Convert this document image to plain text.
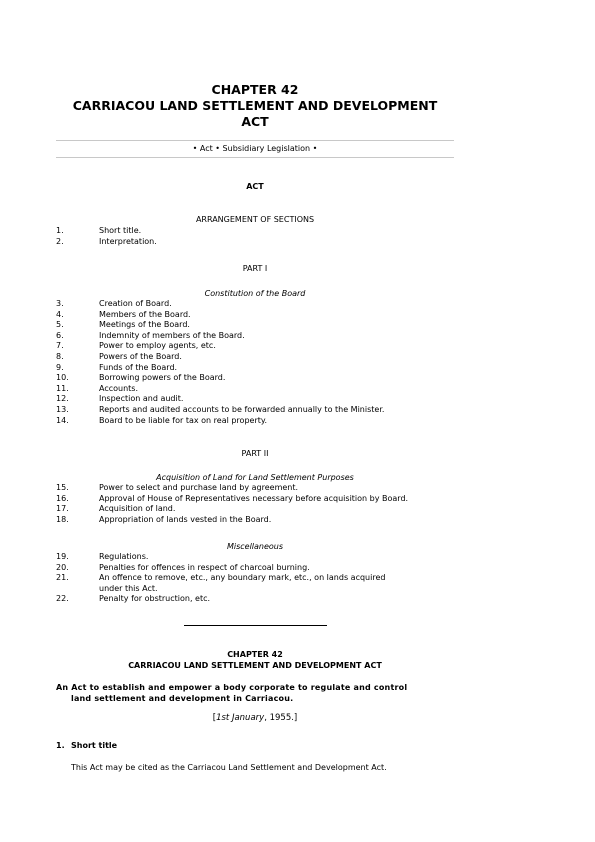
CHAPTER 42
CARRIACOU LAND SETTLEMENT AND DEVELOPMENT
ACT
• Act • Subsidiary Legislation •
ACT
ARRANGEMENT OF SECTIONS
1.	Short title.
2.	Interpretation.
PART I
Constitution of the Board
3.	Creation of Board.
4.	Members of the Board.
5.	Meetings of the Board.
6.	Indemnity of members of the Board.
7.	Power to employ agents, etc.
8.	Powers of the Board.
9.	Funds of the Board.
10.	Borrowing powers of the Board.
11.	Accounts.
12.	Inspection and audit.
13.	Reports and audited accounts to be forwarded annually to the Minister.
14.	Board to be liable for tax on real property.
PART II
Acquisition of Land for Land Settlement Purposes
15.	Power to select and purchase land by agreement.
16.	Approval of House of Representatives necessary before acquisition by Board.
17.	Acquisition of land.
18.	Appropriation of lands vested in the Board.
Miscellaneous
19.	Regulations.
20.	Penalties for offences in respect of charcoal burning.
21.	An offence to remove, etc., any boundary mark, etc., on lands acquired
under this Act.
22.	Penalty for obstruction, etc.
CHAPTER 42
CARRIACOU LAND SETTLEMENT AND DEVELOPMENT ACT
An Act to establish and empower a body corporate to regulate and control
land settlement and development in Carriacou.
[1st January, 1955.]
1. Short title
This Act may be cited as the Carriacou Land Settlement and Development Act.
